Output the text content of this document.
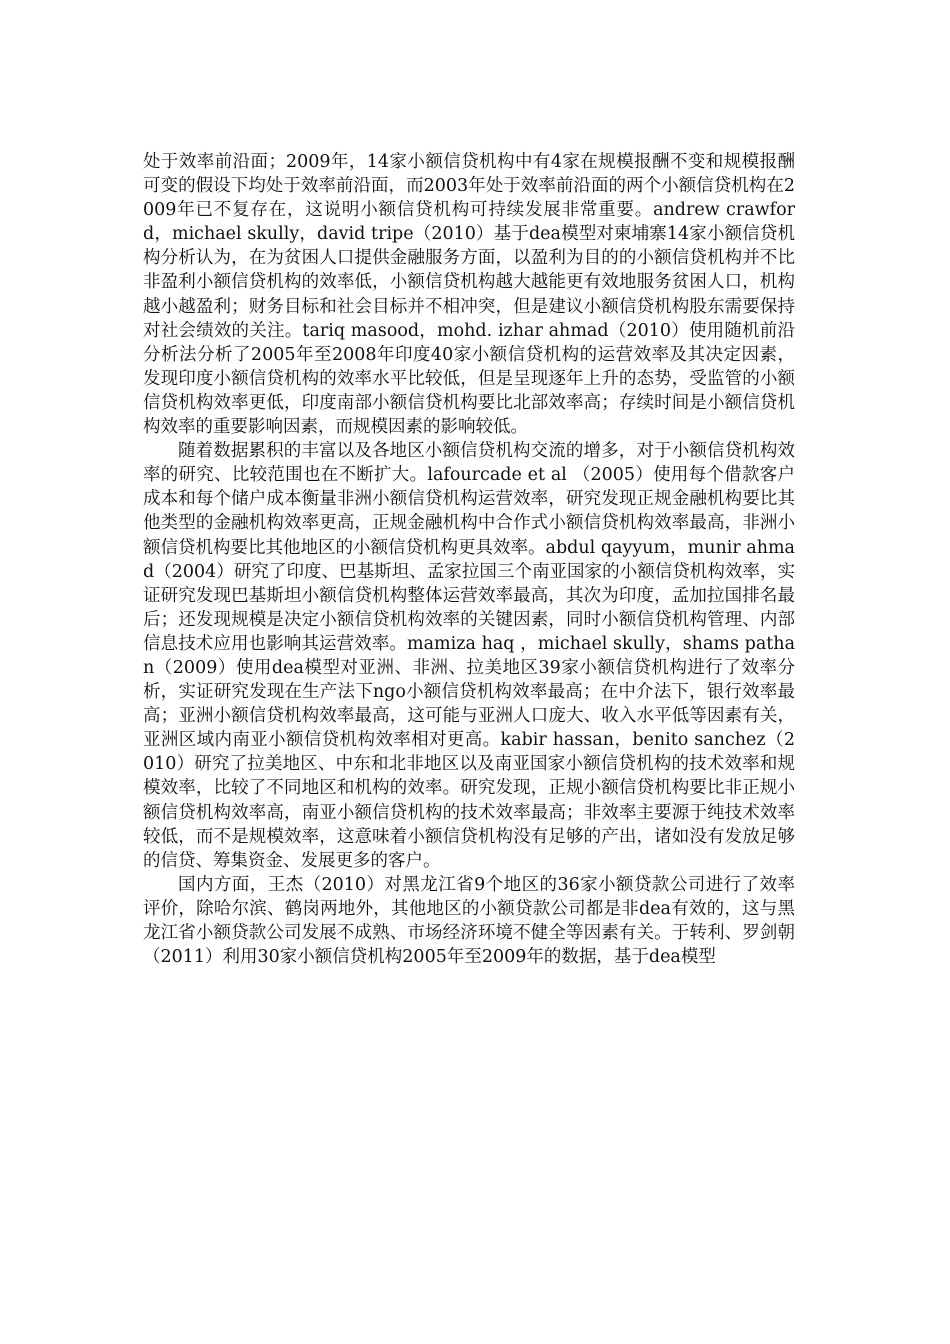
处于效率前沿面；2009年，14家小额信贷机构中有4家在规模报酬不变和规模报酬可变的假设下均处于效率前沿面，而2003年处于效率前沿面的两个小额信贷机构在2009年已不复存在，这说明小额信贷机构可持续发展非常重要。andrew crawford，michael skully，david tripe（2010）基于dea模型对柬埔寨14家小额信贷机构分析认为，在为贫困人口提供金融服务方面，以盈利为目的的小额信贷机构并不比非盈利小额信贷机构的效率低，小额信贷机构越大越能更有效地服务贫困人口，机构越小越盈利；财务目标和社会目标并不相冲突，但是建议小额信贷机构股东需要保持对社会绩效的关注。tariq masood，mohd. izhar ahmad（2010）使用随机前沿分析法分析了2005年至2008年印度40家小额信贷机构的运营效率及其决定因素，发现印度小额信贷机构的效率水平比较低，但是呈现逐年上升的态势，受监管的小额信贷机构效率更低，印度南部小额信贷机构要比北部效率高；存续时间是小额信贷机构效率的重要影响因素，而规模因素的影响较低。

随着数据累积的丰富以及各地区小额信贷机构交流的增多，对于小额信贷机构效率的研究、比较范围也在不断扩大。lafourcade et al （2005）使用每个借款客户成本和每个储户成本衡量非洲小额信贷机构运营效率，研究发现正规金融机构要比其他类型的金融机构效率更高，正规金融机构中合作式小额信贷机构效率最高，非洲小额信贷机构要比其他地区的小额信贷机构更具效率。abdul qayyum，munir ahmad（2004）研究了印度、巴基斯坦、孟家拉国三个南亚国家的小额信贷机构效率，实证研究发现巴基斯坦小额信贷机构整体运营效率最高，其次为印度，孟加拉国排名最后；还发现规模是决定小额信贷机构效率的关键因素，同时小额信贷机构管理、内部信息技术应用也影响其运营效率。mamiza haq ，michael skully，shams pathan（2009）使用dea模型对亚洲、非洲、拉美地区39家小额信贷机构进行了效率分析，实证研究发现在生产法下ngo小额信贷机构效率最高；在中介法下，银行效率最高；亚洲小额信贷机构效率最高，这可能与亚洲人口庞大、收入水平低等因素有关，亚洲区域内南亚小额信贷机构效率相对更高。kabir hassan，benito sanchez（2010）研究了拉美地区、中东和北非地区以及南亚国家小额信贷机构的技术效率和规模效率，比较了不同地区和机构的效率。研究发现，正规小额信贷机构要比非正规小额信贷机构效率高，南亚小额信贷机构的技术效率最高；非效率主要源于纯技术效率较低，而不是规模效率，这意味着小额信贷机构没有足够的产出，诸如没有发放足够的信贷、筹集资金、发展更多的客户。

国内方面，王杰（2010）对黑龙江省9个地区的36家小额贷款公司进行了效率评价，除哈尔滨、鹤岗两地外，其他地区的小额贷款公司都是非dea有效的，这与黑龙江省小额贷款公司发展不成熟、市场经济环境不健全等因素有关。于转利、罗剑朝（2011）利用30家小额信贷机构2005年至2009年的数据，基于dea模型
